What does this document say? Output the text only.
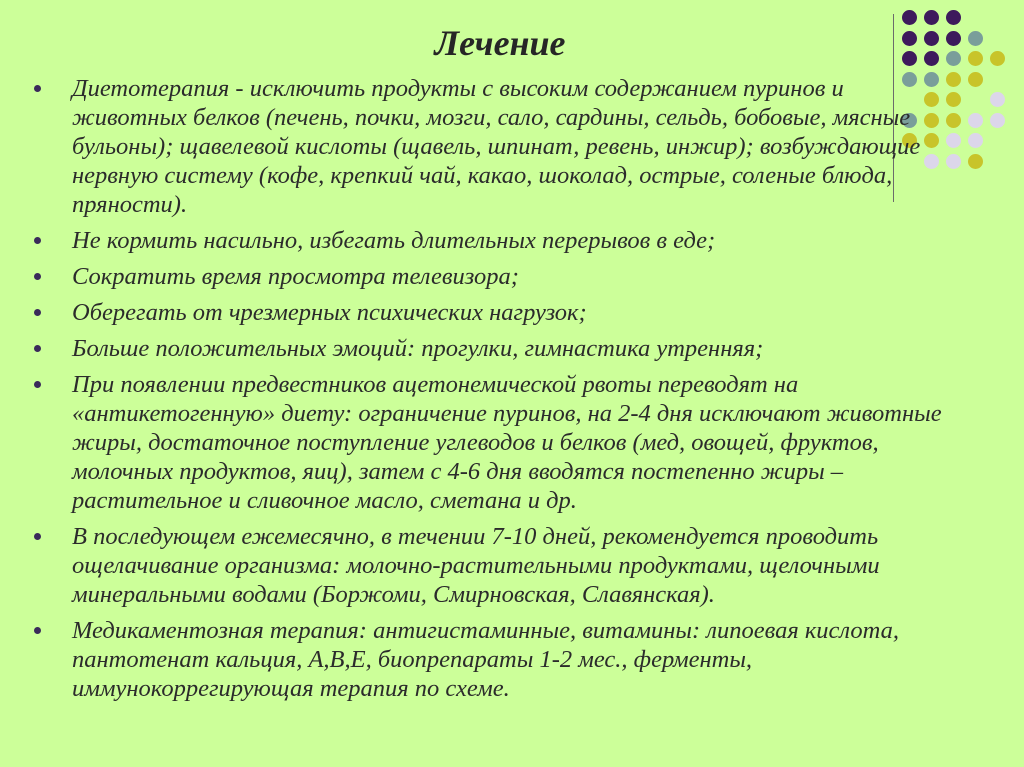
Лечение
Диетотерапия - исключить продукты с высоким содержанием пуринов и животных белков (печень, почки, мозги, сало, сардины, сельдь, бобовые, мясные бульоны); щавелевой кислоты (щавель, шпинат, ревень, инжир); возбуждающие нервную систему (кофе, крепкий чай, какао, шоколад, острые, соленые блюда, пряности).
Не кормить насильно, избегать длительных перерывов в еде;
Сократить время просмотра телевизора;
Оберегать от чрезмерных психических нагрузок;
Больше положительных эмоций: прогулки, гимнастика утренняя;
При появлении предвестников ацетонемической рвоты переводят на «антикетогенную» диету: ограничение пуринов, на 2-4 дня исключают животные жиры, достаточное поступление углеводов и белков (мед, овощей, фруктов, молочных продуктов, яиц), затем с 4-6 дня вводятся постепенно жиры – растительное и сливочное масло, сметана и др.
В последующем ежемесячно, в течении 7-10 дней, рекомендуется проводить ощелачивание организма: молочно-растительными продуктами, щелочными минеральными водами (Боржоми, Смирновская, Славянская).
Медикаментозная терапия: антигистаминные, витамины: липоевая кислота, пантотенат кальция, А,В,Е, биопрепараты 1-2 мес., ферменты, иммунокоррегирующая терапия по схеме.
